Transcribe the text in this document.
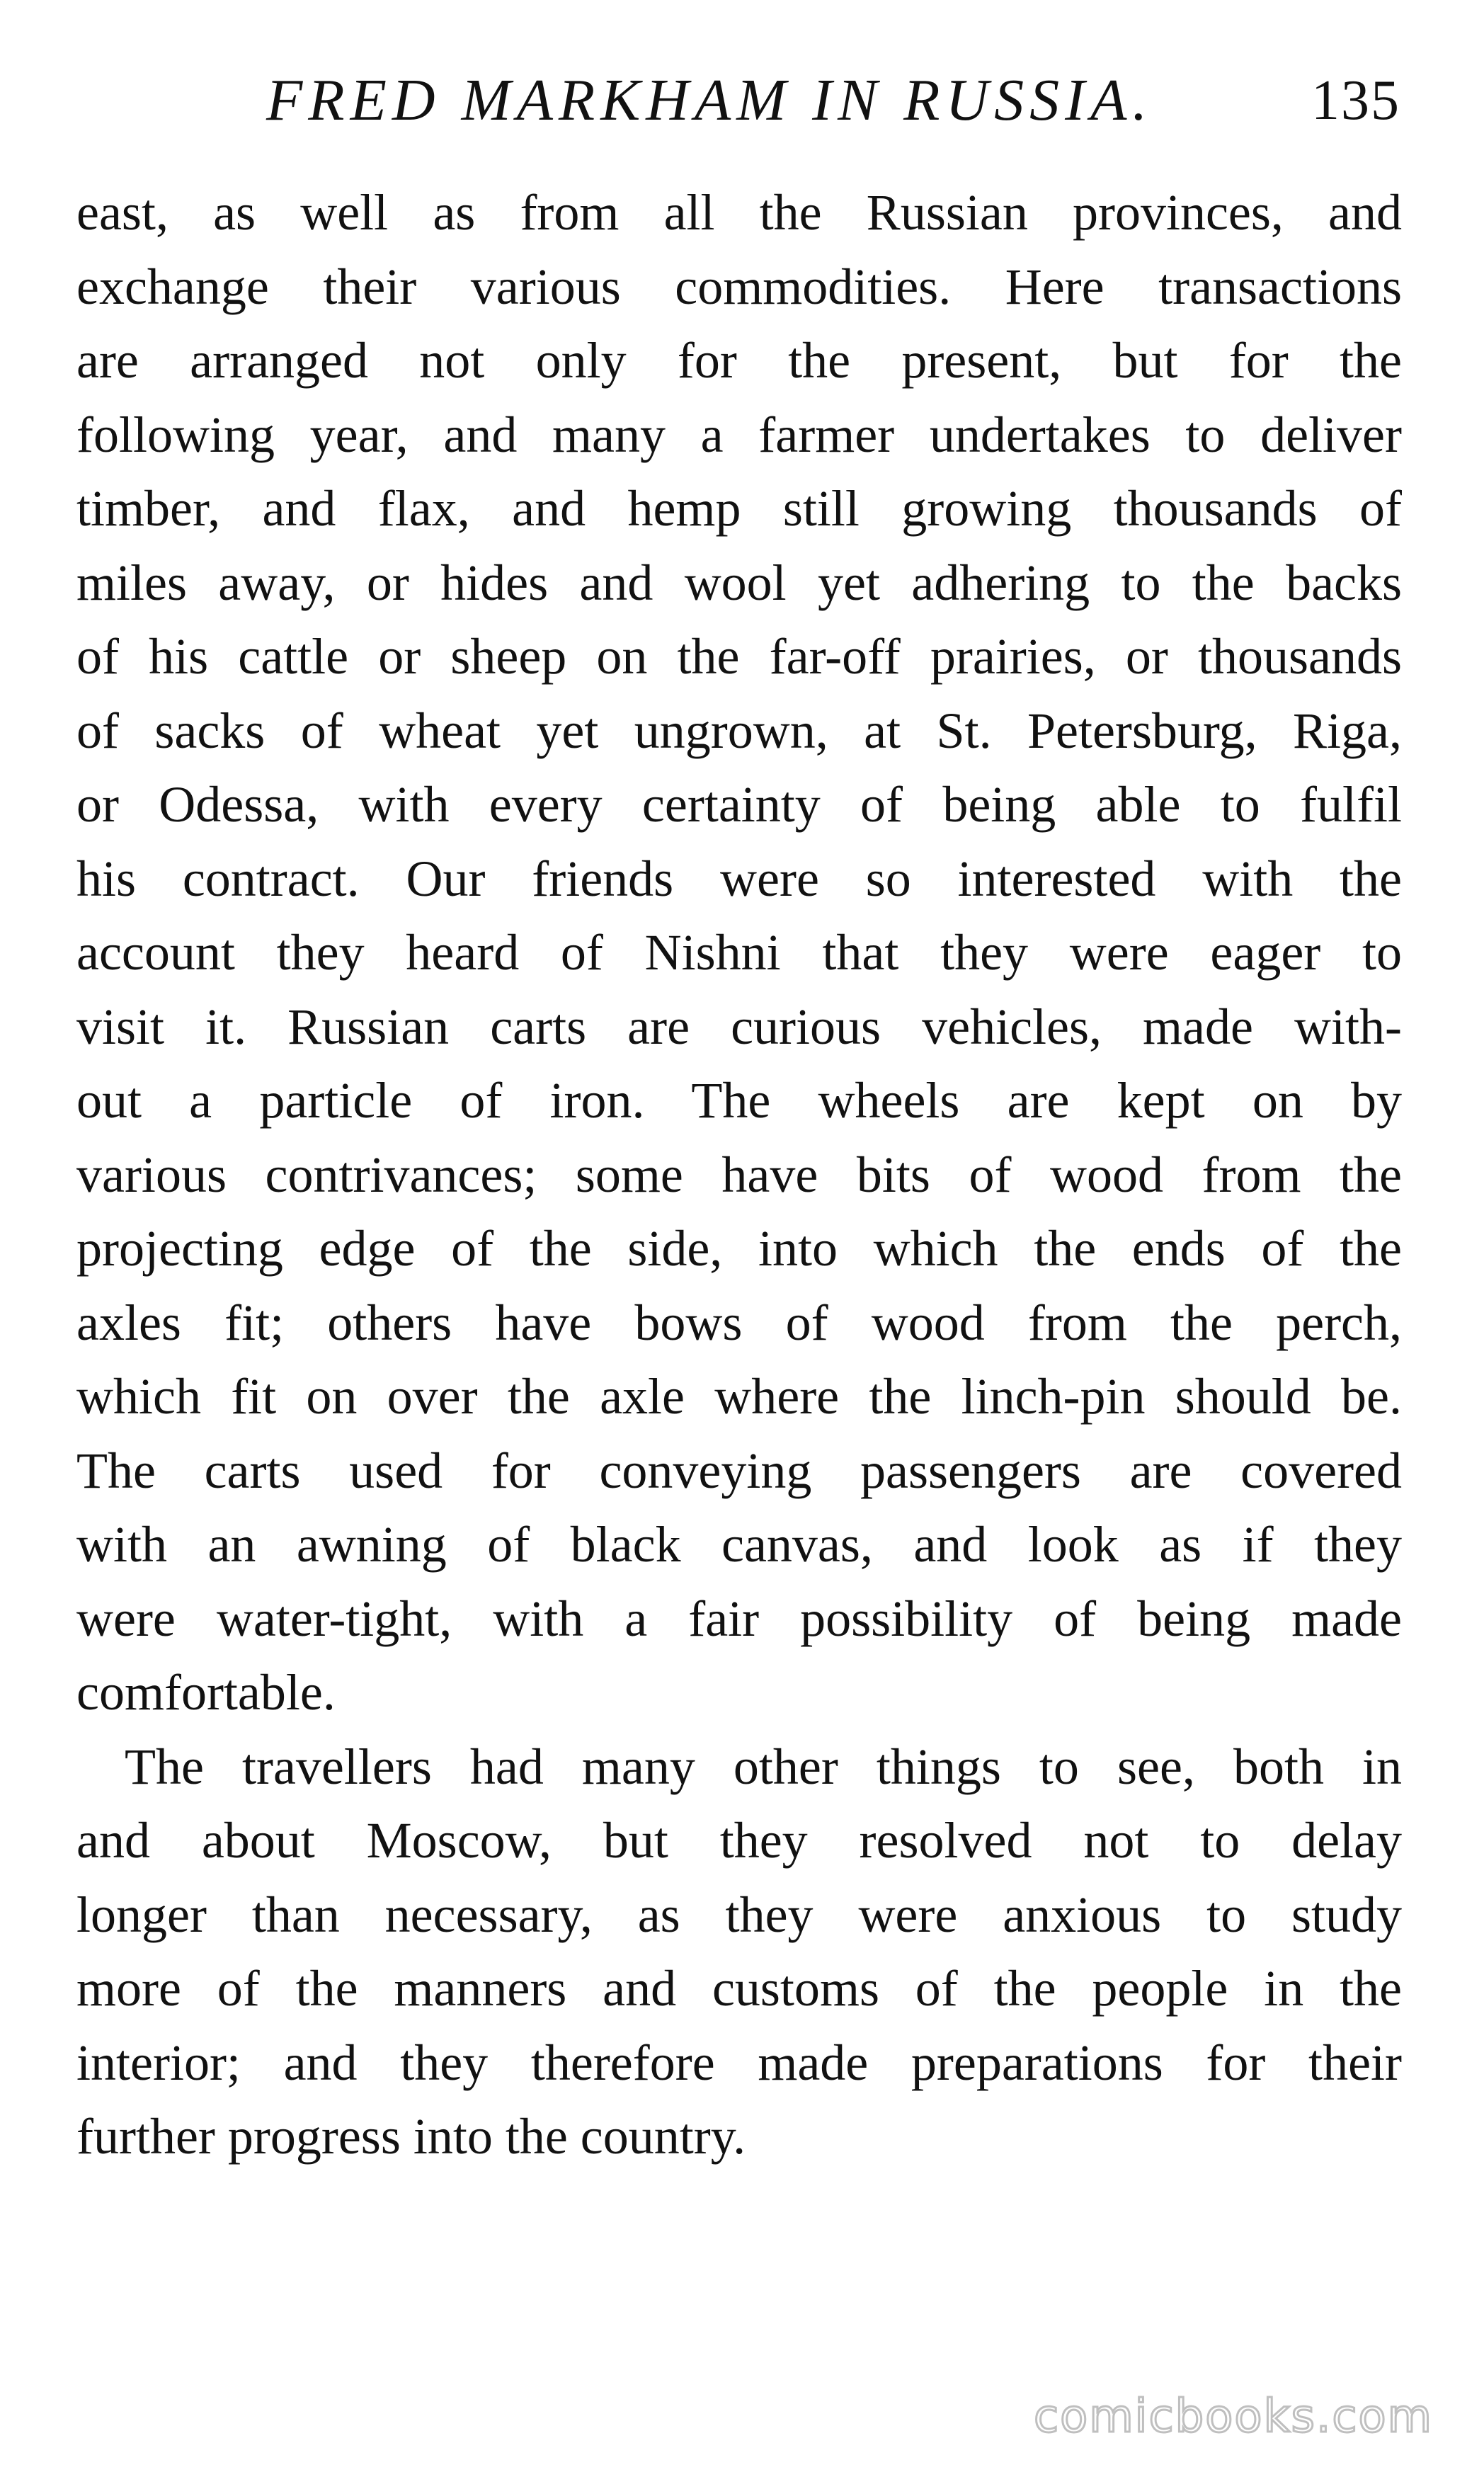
FRED MARKHAM IN RUSSIA.	135
east, as well as from all the Russian provinces, and
exchange their various commodities. Here transactions
are arranged not only for the present, but for the
following year, and many a farmer undertakes to deliver
timber, and flax, and hemp still growing thousands of
miles away, or hides and wool yet adhering to the backs
of his cattle or sheep on the far-off prairies, or thousands
of sacks of wheat yet ungrown, at St. Petersburg, Riga,
or Odessa, with every certainty of being able to fulfil
his contract. Our friends were so interested with the
account they heard of Nishni that they were eager to
visit it. Russian carts are curious vehicles, made with-
out a particle of iron. The wheels are kept on by
various contrivances; some have bits of wood from the
projecting edge of the side, into which the ends of the
axles fit; others have bows of wood from the perch,
which fit on over the axle where the linch-pin should be.
The carts used for conveying passengers are covered
with an awning of black canvas, and look as if they
were water-tight, with a fair possibility of being made
comfortable.
The travellers had many other things to see, both in
and about Moscow, but they resolved not to delay
longer than necessary, as they were anxious to study
more of the manners and customs of the people in the
interior; and they therefore made preparations for their
further progress into the country.
comicbooks.com
